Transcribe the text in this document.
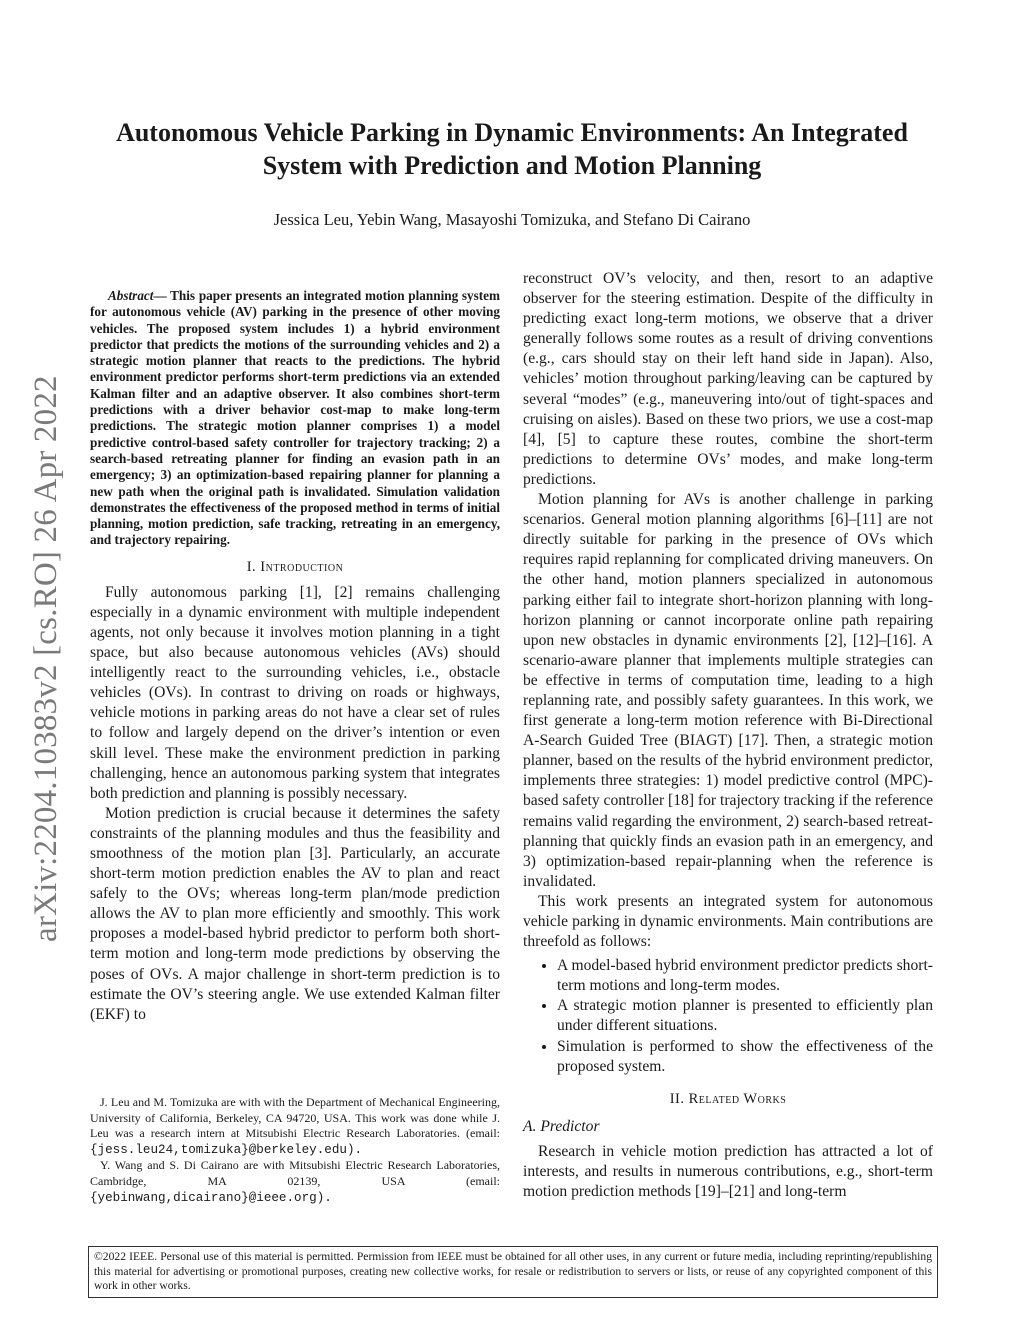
Autonomous Vehicle Parking in Dynamic Environments: An Integrated
System with Prediction and Motion Planning
Jessica Leu, Yebin Wang, Masayoshi Tomizuka, and Stefano Di Cairano
arXiv:2204.10383v2 [cs.RO] 26 Apr 2022

Abstract— This paper presents an integrated motion planning system for autonomous vehicle (AV) parking in the presence of other moving vehicles. The proposed system includes 1) a hybrid environment predictor that predicts the motions of the surrounding vehicles and 2) a strategic motion planner that reacts to the predictions. The hybrid environment predictor performs short-term predictions via an extended Kalman filter and an adaptive observer. It also combines short-term predictions with a driver behavior cost-map to make long-term predictions. The strategic motion planner comprises 1) a model predictive control-based safety controller for trajectory tracking; 2) a search-based retreating planner for finding an evasion path in an emergency; 3) an optimization-based repairing planner for planning a new path when the original path is invalidated. Simulation validation demonstrates the effectiveness of the proposed method in terms of initial planning, motion prediction, safe tracking, retreating in an emergency, and trajectory repairing.

I. Introduction

Fully autonomous parking [1], [2] remains challenging especially in a dynamic environment with multiple independent agents, not only because it involves motion planning in a tight space, but also because autonomous vehicles (AVs) should intelligently react to the surrounding vehicles, i.e., obstacle vehicles (OVs). In contrast to driving on roads or highways, vehicle motions in parking areas do not have a clear set of rules to follow and largely depend on the driver’s intention or even skill level. These make the environment prediction in parking challenging, hence an autonomous parking system that integrates both prediction and planning is possibly necessary.

Motion prediction is crucial because it determines the safety constraints of the planning modules and thus the feasibility and smoothness of the motion plan [3]. Particularly, an accurate short-term motion prediction enables the AV to plan and react safely to the OVs; whereas long-term plan/mode prediction allows the AV to plan more efficiently and smoothly. This work proposes a model-based hybrid predictor to perform both short-term motion and long-term mode predictions by observing the poses of OVs. A major challenge in short-term prediction is to estimate the OV’s steering angle. We use extended Kalman filter (EKF) to

J. Leu and M. Tomizuka are with with the Department of Mechanical Engineering, University of California, Berkeley, CA 94720, USA. This work was done while J. Leu was a research intern at Mitsubishi Electric Research Laboratories. (email: {jess.leu24,tomizuka}@berkeley.edu).

Y. Wang and S. Di Cairano are with Mitsubishi Electric Research Laboratories, Cambridge, MA 02139, USA (email: {yebinwang,dicairano}@ieee.org).

reconstruct OV’s velocity, and then, resort to an adaptive observer for the steering estimation. Despite of the difficulty in predicting exact long-term motions, we observe that a driver generally follows some routes as a result of driving conventions (e.g., cars should stay on their left hand side in Japan). Also, vehicles’ motion throughout parking/leaving can be captured by several “modes” (e.g., maneuvering into/out of tight-spaces and cruising on aisles). Based on these two priors, we use a cost-map [4], [5] to capture these routes, combine the short-term predictions to determine OVs’ modes, and make long-term predictions.

Motion planning for AVs is another challenge in parking scenarios. General motion planning algorithms [6]–[11] are not directly suitable for parking in the presence of OVs which requires rapid replanning for complicated driving maneuvers. On the other hand, motion planners specialized in autonomous parking either fail to integrate short-horizon planning with long-horizon planning or cannot incorporate online path repairing upon new obstacles in dynamic environments [2], [12]–[16]. A scenario-aware planner that implements multiple strategies can be effective in terms of computation time, leading to a high replanning rate, and possibly safety guarantees. In this work, we first generate a long-term motion reference with Bi-Directional A-Search Guided Tree (BIAGT) [17]. Then, a strategic motion planner, based on the results of the hybrid environment predictor, implements three strategies: 1) model predictive control (MPC)-based safety controller [18] for trajectory tracking if the reference remains valid regarding the environment, 2) search-based retreat-planning that quickly finds an evasion path in an emergency, and 3) optimization-based repair-planning when the reference is invalidated.

This work presents an integrated system for autonomous vehicle parking in dynamic environments. Main contributions are threefold as follows:

• A model-based hybrid environment predictor predicts short-term motions and long-term modes.
• A strategic motion planner is presented to efficiently plan under different situations.
• Simulation is performed to show the effectiveness of the proposed system.
II. Related Works
A. Predictor

Research in vehicle motion prediction has attracted a lot of interests, and results in numerous contributions, e.g., short-term motion prediction methods [19]–[21] and long-term

©2022 IEEE. Personal use of this material is permitted. Permission from IEEE must be obtained for all other uses, in any current or future media, including reprinting/republishing this material for advertising or promotional purposes, creating new collective works, for resale or redistribution to servers or lists, or reuse of any copyrighted component of this work in other works.
